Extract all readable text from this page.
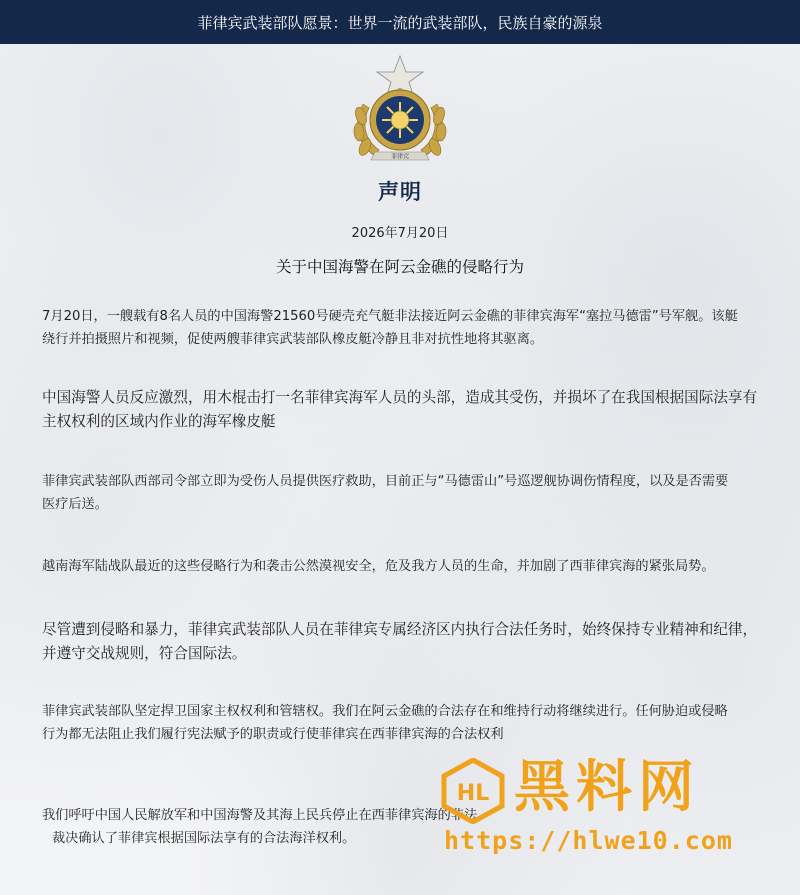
菲律宾武装部队愿景：世界一流的武装部队，民族自豪的源泉
菲律宾
声明
2026年7月20日
关于中国海警在阿云金礁的侵略行为
7月20日，一艘载有8名人员的中国海警21560号硬壳充气艇非法接近阿云金礁的菲律宾海军“塞拉马德雷”号军舰。该艇
绕行并拍摄照片和视频，促使两艘菲律宾武装部队橡皮艇冷静且非对抗性地将其驱离。
中国海警人员反应激烈，用木棍击打一名菲律宾海军人员的头部，造成其受伤，并损坏了在我国根据国际法享有
主权权利的区域内作业的海军橡皮艇
菲律宾武装部队西部司令部立即为受伤人员提供医疗救助，目前正与“马德雷山”号巡逻舰协调伤情程度，以及是否需要
医疗后送。
越南海军陆战队最近的这些侵略行为和袭击公然漠视安全，危及我方人员的生命，并加剧了西菲律宾海的紧张局势。
尽管遭到侵略和暴力，菲律宾武装部队人员在菲律宾专属经济区内执行合法任务时，始终保持专业精神和纪律，
并遵守交战规则，符合国际法。
菲律宾武装部队坚定捍卫国家主权权利和管辖权。我们在阿云金礁的合法存在和维持行动将继续进行。任何胁迫或侵略
行为都无法阻止我们履行宪法赋予的职责或行使菲律宾在西菲律宾海的合法权利
我们呼吁中国人民解放军和中国海警及其海上民兵停止在西菲律宾海的非法
裁决确认了菲律宾根据国际法享有的合法海洋权利。
HL 黑料网
https://hlwe10.com
